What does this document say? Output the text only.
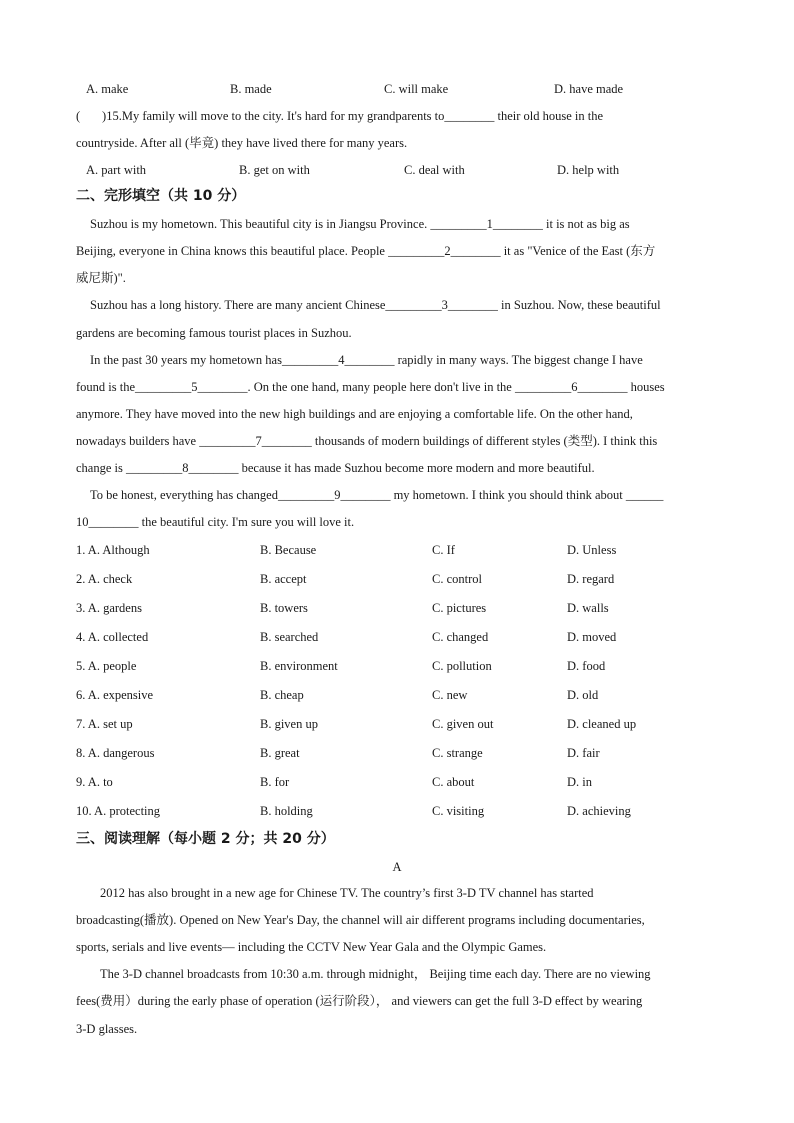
A. make	B. made	C. will make	D. have made
(       )15.My family will move to the city. It's hard for my grandparents to________ their old house in the
countryside. After all (毕竟) they have lived there for many years.
A. part with	B. get on with	C. deal with	D. help with
二、完形填空（共 10 分）
Suzhou is my hometown. This beautiful city is in Jiangsu Province. _________1________ it is not as big as
Beijing, everyone in China knows this beautiful place. People _________2________ it as "Venice of the East (东方
威尼斯)".
Suzhou has a long history. There are many ancient Chinese_________3________ in Suzhou. Now, these beautiful
gardens are becoming famous tourist places in Suzhou.
In the past 30 years my hometown has_________4________ rapidly in many ways. The biggest change I have
found is the_________5________. On the one hand, many people here don't live in the _________6________ houses
anymore. They have moved into the new high buildings and are enjoying a comfortable life. On the other hand,
nowadays builders have _________7________ thousands of modern buildings of different styles (类型). I think this
change is _________8________ because it has made Suzhou become more modern and more beautiful.
To be honest, everything has changed_________9________ my hometown. I think you should think about ______
10________ the beautiful city. I'm sure you will love it.
1. A. Although	B. Because	C. If	D. Unless
2. A. check	B. accept	C. control	D. regard
3. A. gardens	B. towers	C. pictures	D. walls
4. A. collected	B. searched	C. changed	D. moved
5. A. people	B. environment	C. pollution	D. food
6. A. expensive	B. cheap	C. new	D. old
7. A. set up	B. given up	C. given out	D. cleaned up
8. A. dangerous	B. great	C. strange	D. fair
9. A. to	B. for	C. about	D. in
10. A. protecting	B. holding	C. visiting	D. achieving
三、阅读理解（每小题 2 分；共 20 分）
A
2012 has also brought in a new age for Chinese TV. The country’s first 3-D TV channel has started
broadcasting(播放). Opened on New Year's Day, the channel will air different programs including documentaries,
sports, serials and live events— including the CCTV New Year Gala and the Olympic Games.
The 3-D channel broadcasts from 10:30 a.m. through midnight， Beijing time each day. There are no viewing
fees(费用）during the early phase of operation (运行阶段）， and viewers can get the full 3-D effect by wearing
3-D glasses.
